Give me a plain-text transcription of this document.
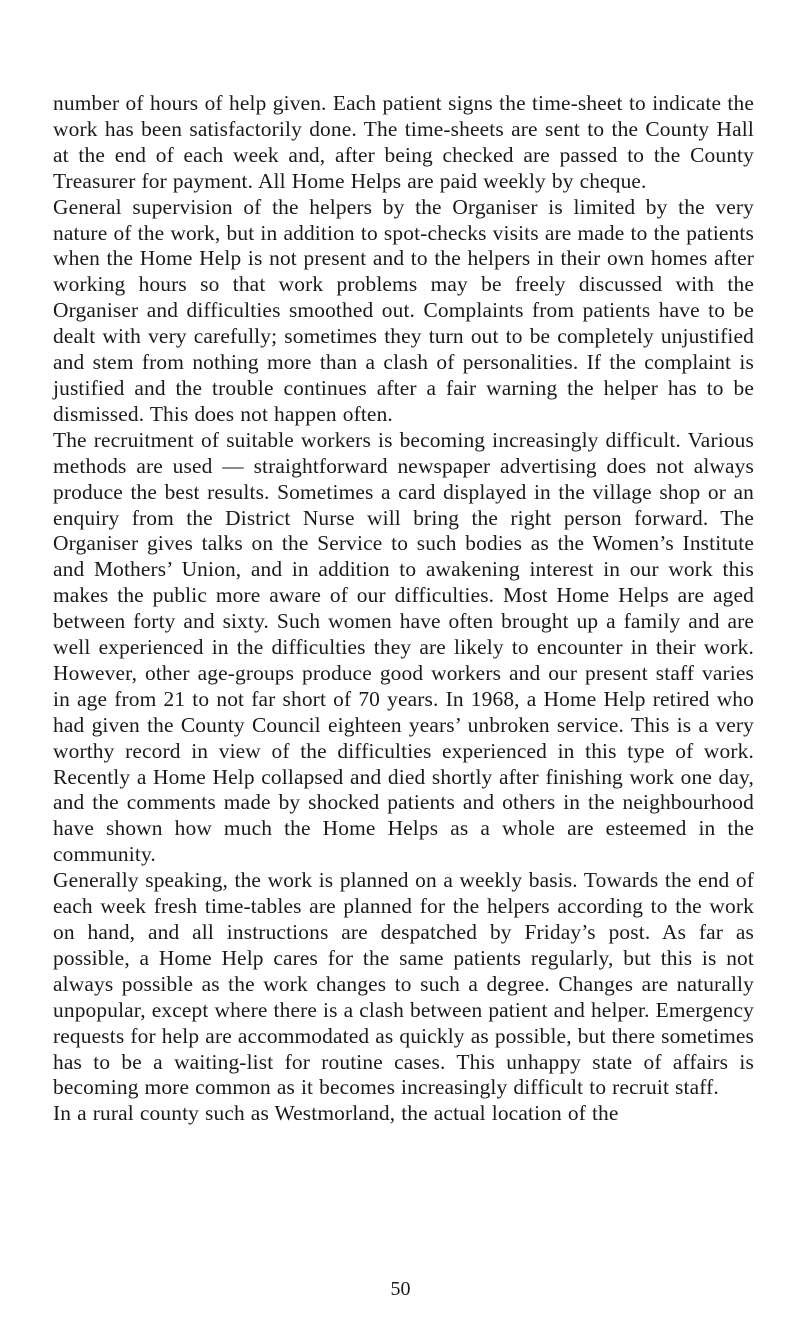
number of hours of help given. Each patient signs the time-sheet to indicate the work has been satisfactorily done. The time-sheets are sent to the County Hall at the end of each week and, after being checked are passed to the County Treasurer for payment. All Home Helps are paid weekly by cheque.

General supervision of the helpers by the Organiser is limited by the very nature of the work, but in addition to spot-checks visits are made to the patients when the Home Help is not present and to the helpers in their own homes after working hours so that work problems may be freely discussed with the Organiser and difficulties smoothed out. Complaints from patients have to be dealt with very carefully; sometimes they turn out to be completely unjustified and stem from nothing more than a clash of personalities. If the complaint is justified and the trouble continues after a fair warning the helper has to be dismissed. This does not happen often.

The recruitment of suitable workers is becoming increasingly difficult. Various methods are used — straightforward newspaper advertising does not always produce the best results. Sometimes a card displayed in the village shop or an enquiry from the District Nurse will bring the right person forward. The Organiser gives talks on the Service to such bodies as the Women’s Institute and Mothers’ Union, and in addition to awakening interest in our work this makes the public more aware of our difficulties. Most Home Helps are aged between forty and sixty. Such women have often brought up a family and are well experienced in the difficulties they are likely to encounter in their work. However, other age-groups produce good workers and our present staff varies in age from 21 to not far short of 70 years. In 1968, a Home Help retired who had given the County Council eighteen years’ unbroken service. This is a very worthy record in view of the difficulties experienced in this type of work. Recently a Home Help collapsed and died shortly after finishing work one day, and the comments made by shocked patients and others in the neighbourhood have shown how much the Home Helps as a whole are esteemed in the community.

Generally speaking, the work is planned on a weekly basis. Towards the end of each week fresh time-tables are planned for the helpers according to the work on hand, and all instructions are despatched by Friday’s post. As far as possible, a Home Help cares for the same patients regularly, but this is not always possible as the work changes to such a degree. Changes are naturally unpopular, except where there is a clash between patient and helper. Emergency requests for help are accommodated as quickly as possible, but there sometimes has to be a waiting-list for routine cases. This unhappy state of affairs is becoming more common as it becomes increasingly difficult to recruit staff.

In a rural county such as Westmorland, the actual location of the

50
